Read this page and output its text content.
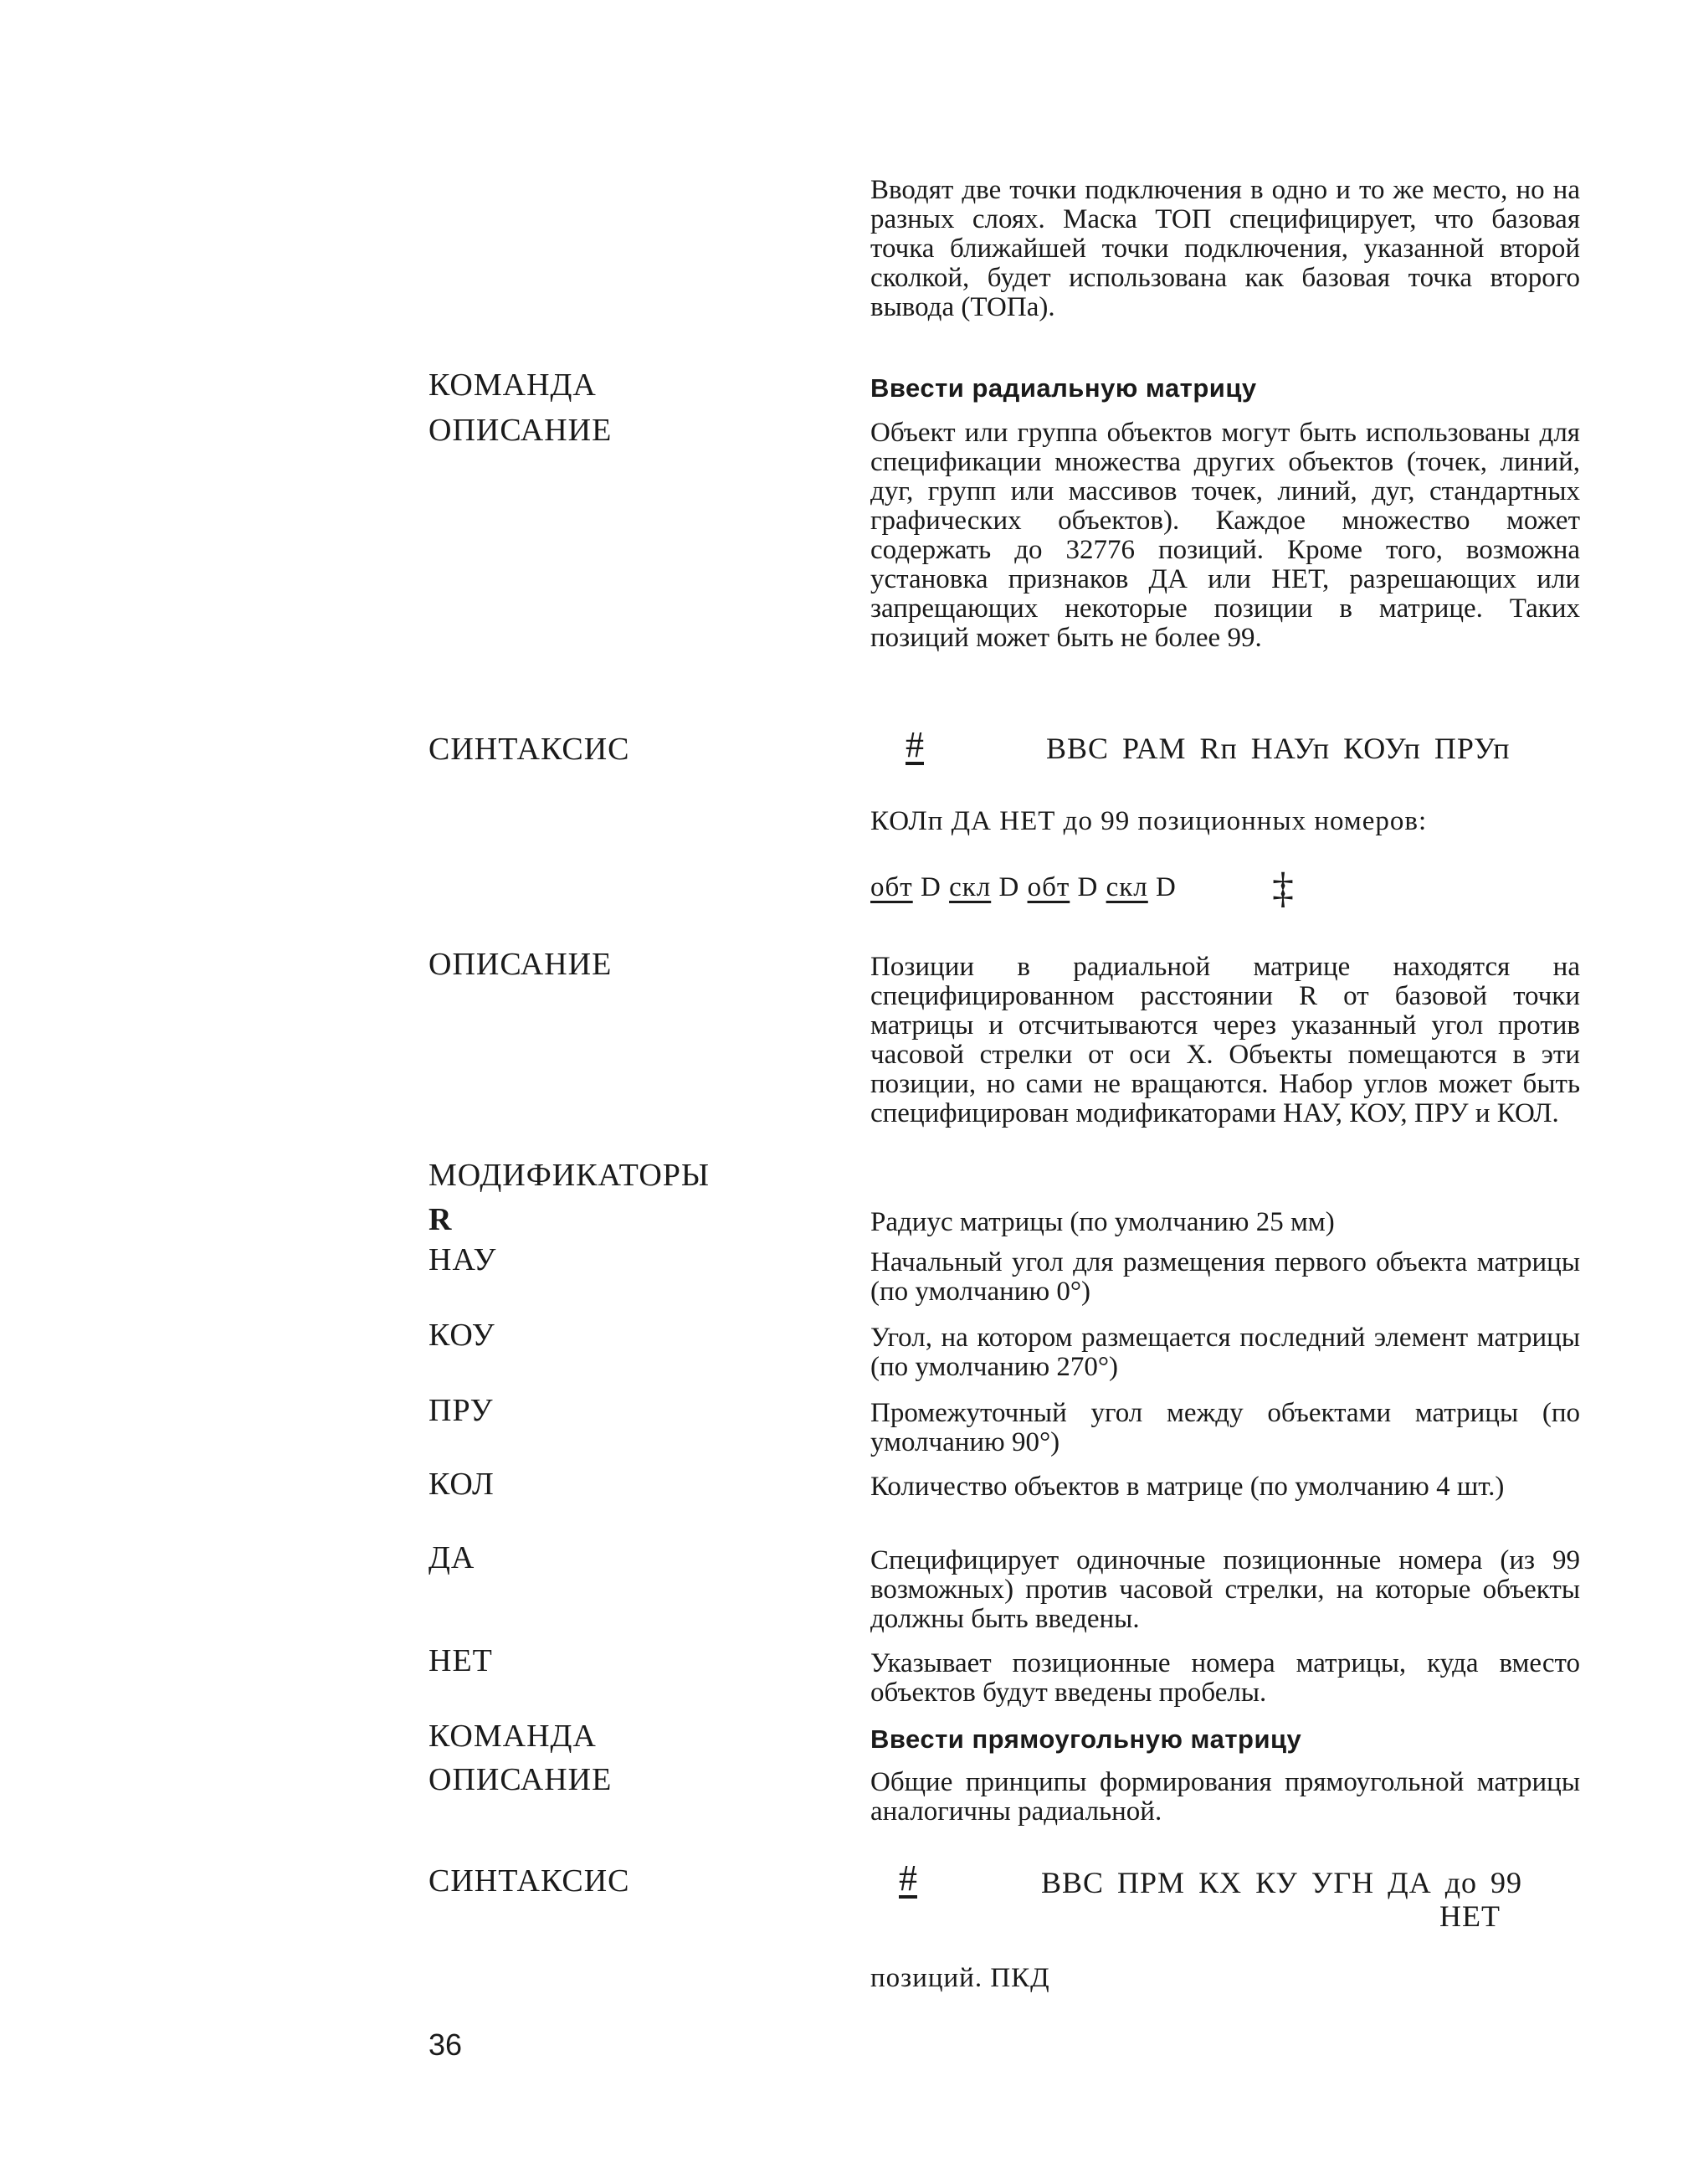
Вводят две точки подключения в одно и то же место, но на разных слоях. Маска ТОП специфицирует, что базовая точка ближайшей точки подключения, указанной второй сколкой, будет использована как базовая точка второго вывода (ТОПа).
КОМАНДА	Ввести радиальную матрицу
ОПИСАНИЕ	Объект или группа объектов могут быть использованы для спецификации множества других объектов (точек, линий, дуг, групп или массивов точек, линий, дуг, стандартных графических объектов). Каждое множество может содержать до 32776 позиций. Кроме того, возможна установка признаков ДА или НЕТ, разрешающих или запрещающих некоторые позиции в матрице. Таких позиций может быть не более 99.
СИНТАКСИС	#	ВВС РАМ Rп НАУп КОУп ПРУп
КОЛп ДА НЕТ до 99 позиционных номеров:
обт D скл D обт D скл D ‡
ОПИСАНИЕ	Позиции в радиальной матрице находятся на специфицированном расстоянии R от базовой точки матрицы и отсчитываются через указанный угол против часовой стрелки от оси X. Объекты помещаются в эти позиции, но сами не вращаются. Набор углов может быть специфицирован модификаторами НАУ, КОУ, ПРУ и КОЛ.
МОДИФИКАТОРЫ
R	Радиус матрицы (по умолчанию 25 мм)
НАУ	Начальный угол для размещения первого объекта матрицы (по умолчанию 0°)
КОУ	Угол, на котором размещается последний элемент матрицы (по умолчанию 270°)
ПРУ	Промежуточный угол между объектами матрицы (по умолчанию 90°)
КОЛ	Количество объектов в матрице (по умолчанию 4 шт.)
ДА	Специфицирует одиночные позиционные номера (из 99 возможных) против часовой стрелки, на которые объекты должны быть введены.
НЕТ	Указывает позиционные номера матрицы, куда вместо объектов будут введены пробелы.
КОМАНДА	Ввести прямоугольную матрицу
ОПИСАНИЕ	Общие принципы формирования прямоугольной матрицы аналогичны радиальной.
СИНТАКСИС	#	ВВС ПРМ КХ КУ УГН ДА до 99
НЕТ
позиций. ПКД
36
